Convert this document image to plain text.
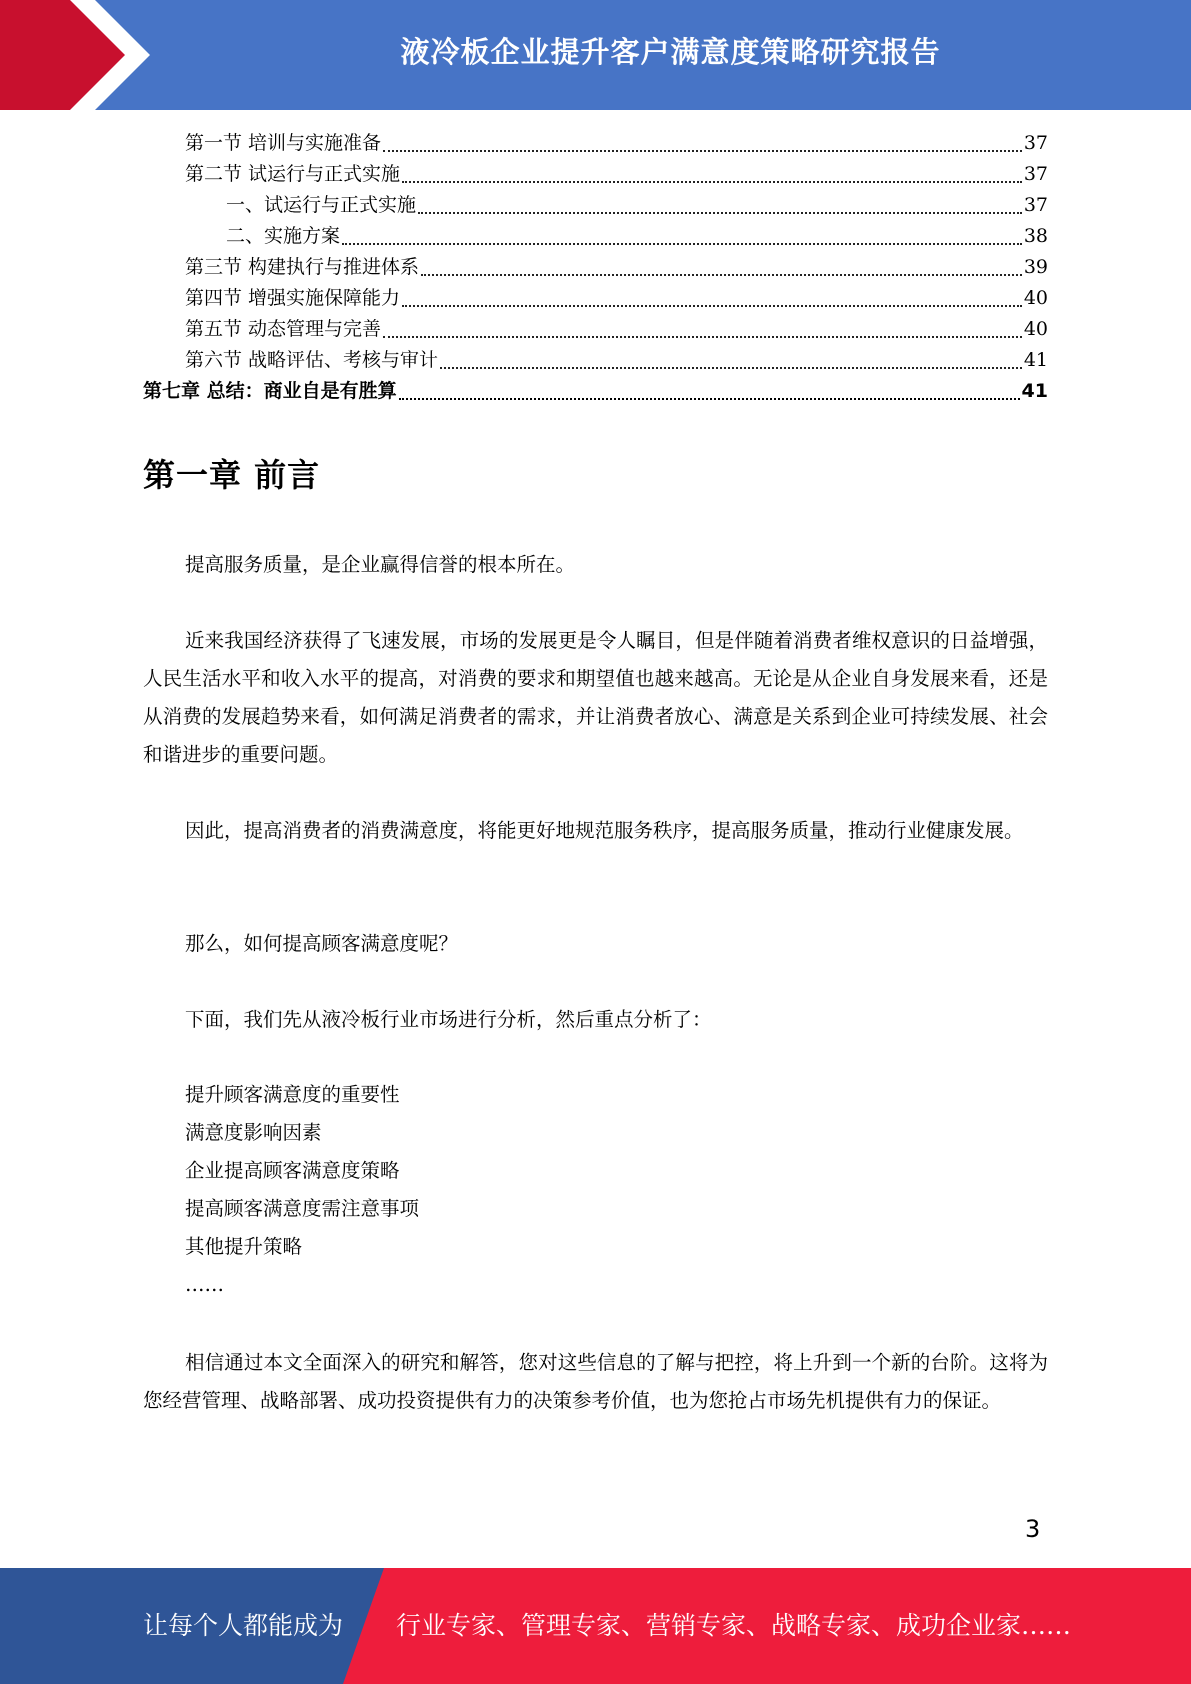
液冷板企业提升客户满意度策略研究报告
第一节 培训与实施准备	37
第二节 试运行与正式实施	37
一、试运行与正式实施	37
二、实施方案	38
第三节 构建执行与推进体系	39
第四节 增强实施保障能力	40
第五节 动态管理与完善	40
第六节 战略评估、考核与审计	41
第七章 总结：商业自是有胜算	41
第一章 前言

提高服务质量，是企业赢得信誉的根本所在。

近来我国经济获得了飞速发展，市场的发展更是令人瞩目，但是伴随着消费者维权意识的日益增强，人民生活水平和收入水平的提高，对消费的要求和期望值也越来越高。无论是从企业自身发展来看，还是从消费的发展趋势来看，如何满足消费者的需求，并让消费者放心、满意是关系到企业可持续发展、社会和谐进步的重要问题。

因此，提高消费者的消费满意度，将能更好地规范服务秩序，提高服务质量，推动行业健康发展。

那么，如何提高顾客满意度呢？

下面，我们先从液冷板行业市场进行分析，然后重点分析了：

提升顾客满意度的重要性
满意度影响因素
企业提高顾客满意度策略
提高顾客满意度需注意事项
其他提升策略
……

相信通过本文全面深入的研究和解答，您对这些信息的了解与把控，将上升到一个新的台阶。这将为您经营管理、战略部署、成功投资提供有力的决策参考价值，也为您抢占市场先机提供有力的保证。

3
让每个人都能成为 行业专家、管理专家、营销专家、战略专家、成功企业家……
